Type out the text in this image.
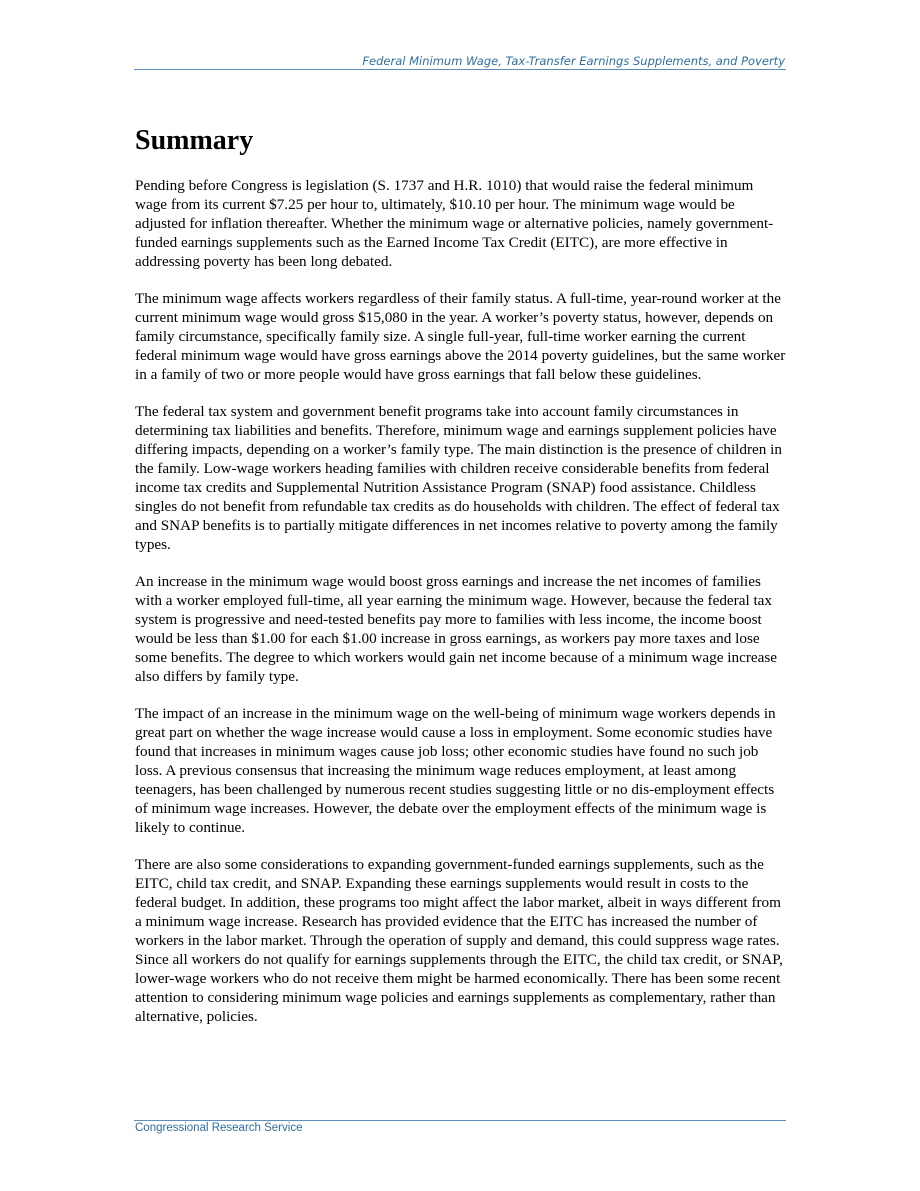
Federal Minimum Wage, Tax-Transfer Earnings Supplements, and Poverty
Summary

Pending before Congress is legislation (S. 1737 and H.R. 1010) that would raise the federal minimum wage from its current $7.25 per hour to, ultimately, $10.10 per hour. The minimum wage would be adjusted for inflation thereafter. Whether the minimum wage or alternative policies, namely government-funded earnings supplements such as the Earned Income Tax Credit (EITC), are more effective in addressing poverty has been long debated.

The minimum wage affects workers regardless of their family status. A full-time, year-round worker at the current minimum wage would gross $15,080 in the year. A worker’s poverty status, however, depends on family circumstance, specifically family size. A single full-year, full-time worker earning the current federal minimum wage would have gross earnings above the 2014 poverty guidelines, but the same worker in a family of two or more people would have gross earnings that fall below these guidelines.

The federal tax system and government benefit programs take into account family circumstances in determining tax liabilities and benefits. Therefore, minimum wage and earnings supplement policies have differing impacts, depending on a worker’s family type. The main distinction is the presence of children in the family. Low-wage workers heading families with children receive considerable benefits from federal income tax credits and Supplemental Nutrition Assistance Program (SNAP) food assistance. Childless singles do not benefit from refundable tax credits as do households with children. The effect of federal tax and SNAP benefits is to partially mitigate differences in net incomes relative to poverty among the family types.

An increase in the minimum wage would boost gross earnings and increase the net incomes of families with a worker employed full-time, all year earning the minimum wage. However, because the federal tax system is progressive and need-tested benefits pay more to families with less income, the income boost would be less than $1.00 for each $1.00 increase in gross earnings, as workers pay more taxes and lose some benefits. The degree to which workers would gain net income because of a minimum wage increase also differs by family type.

The impact of an increase in the minimum wage on the well-being of minimum wage workers depends in great part on whether the wage increase would cause a loss in employment. Some economic studies have found that increases in minimum wages cause job loss; other economic studies have found no such job loss. A previous consensus that increasing the minimum wage reduces employment, at least among teenagers, has been challenged by numerous recent studies suggesting little or no dis-employment effects of minimum wage increases. However, the debate over the employment effects of the minimum wage is likely to continue.

There are also some considerations to expanding government-funded earnings supplements, such as the EITC, child tax credit, and SNAP. Expanding these earnings supplements would result in costs to the federal budget. In addition, these programs too might affect the labor market, albeit in ways different from a minimum wage increase. Research has provided evidence that the EITC has increased the number of workers in the labor market. Through the operation of supply and demand, this could suppress wage rates. Since all workers do not qualify for earnings supplements through the EITC, the child tax credit, or SNAP, lower-wage workers who do not receive them might be harmed economically. There has been some recent attention to considering minimum wage policies and earnings supplements as complementary, rather than alternative, policies.

Congressional Research Service
